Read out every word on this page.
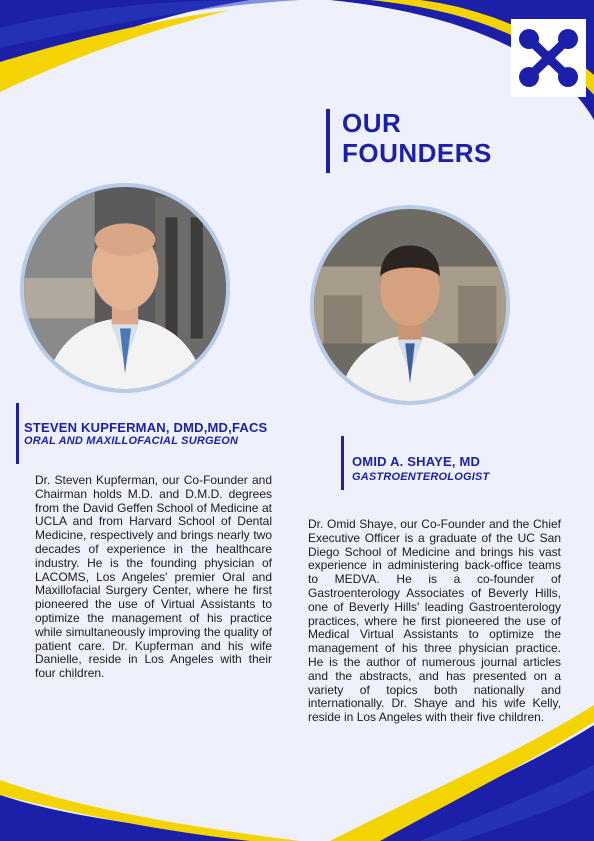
OUR FOUNDERS
STEVEN KUPFERMAN, DMD,MD,FACS
ORAL AND MAXILLOFACIAL SURGEON
Dr. Steven Kupferman, our Co-Founder and Chairman holds M.D. and D.M.D. degrees from the David Geffen School of Medicine at UCLA and from Harvard School of Dental Medicine, respectively and brings nearly two decades of experience in the healthcare industry. He is the founding physician of LACOMS, Los Angeles' premier Oral and Maxillofacial Surgery Center, where he first pioneered the use of Virtual Assistants to optimize the management of his practice while simultaneously improving the quality of patient care. Dr. Kupferman and his wife Danielle, reside in Los Angeles with their four children.
OMID A. SHAYE, MD
GASTROENTEROLOGIST
Dr. Omid Shaye, our Co-Founder and the Chief Executive Officer is a graduate of the UC San Diego School of Medicine and brings his vast experience in administering back-office teams to MEDVA. He is a co-founder of Gastroenterology Associates of Beverly Hills, one of Beverly Hills' leading Gastroenterology practices, where he first pioneered the use of Medical Virtual Assistants to optimize the management of his three physician practice. He is the author of numerous journal articles and the abstracts, and has presented on a variety of topics both nationally and internationally. Dr. Shaye and his wife Kelly, reside in Los Angeles with their five children.
